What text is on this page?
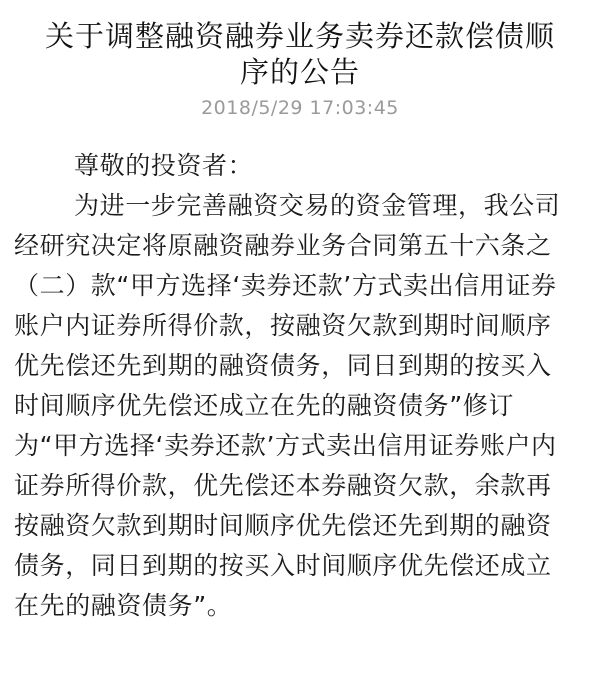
关于调整融资融券业务卖券还款偿债顺
序的公告
2018/5/29 17:03:45
尊敬的投资者：
为进一步完善融资交易的资金管理，我公司
经研究决定将原融资融券业务合同第五十六条之
（二）款“甲方选择‘卖券还款’方式卖出信用证券
账户内证券所得价款，按融资欠款到期时间顺序
优先偿还先到期的融资债务，同日到期的按买入
时间顺序优先偿还成立在先的融资债务”修订
为“甲方选择‘卖券还款’方式卖出信用证券账户内
证券所得价款，优先偿还本券融资欠款，余款再
按融资欠款到期时间顺序优先偿还先到期的融资
债务，同日到期的按买入时间顺序优先偿还成立
在先的融资债务”。
